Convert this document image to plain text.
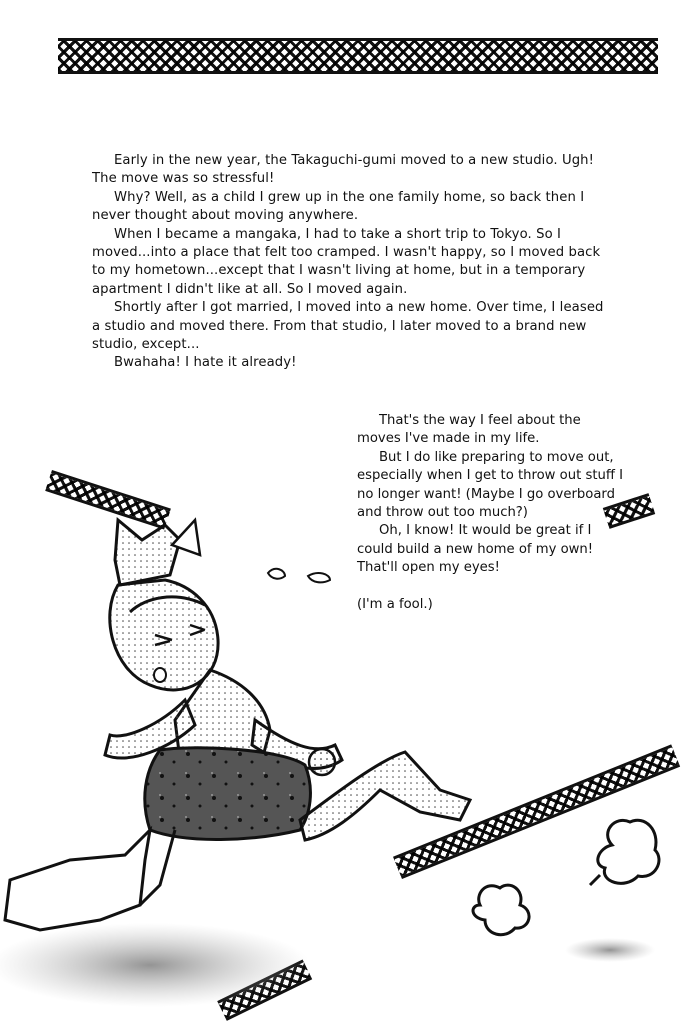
Early in the new year, the Takaguchi-gumi moved to a new studio. Ugh! The move was so stressful!

Why? Well, as a child I grew up in the one family home, so back then I never thought about moving anywhere.

When I became a mangaka, I had to take a short trip to Tokyo. So I moved...into a place that felt too cramped. I wasn't happy, so I moved back to my hometown...except that I wasn't living at home, but in a temporary apartment I didn't like at all. So I moved again.

Shortly after I got married, I moved into a new home. Over time, I leased a studio and moved there. From that studio, I later moved to a brand new studio, except...

Bwahaha! I hate it already!

That's the way I feel about the moves I've made in my life.

But I do like preparing to move out, especially when I get to throw out stuff I no longer want! (Maybe I go overboard and throw out too much?)

Oh, I know! It would be great if I could build a new home of my own! That'll open my eyes!

(I'm a fool.)
